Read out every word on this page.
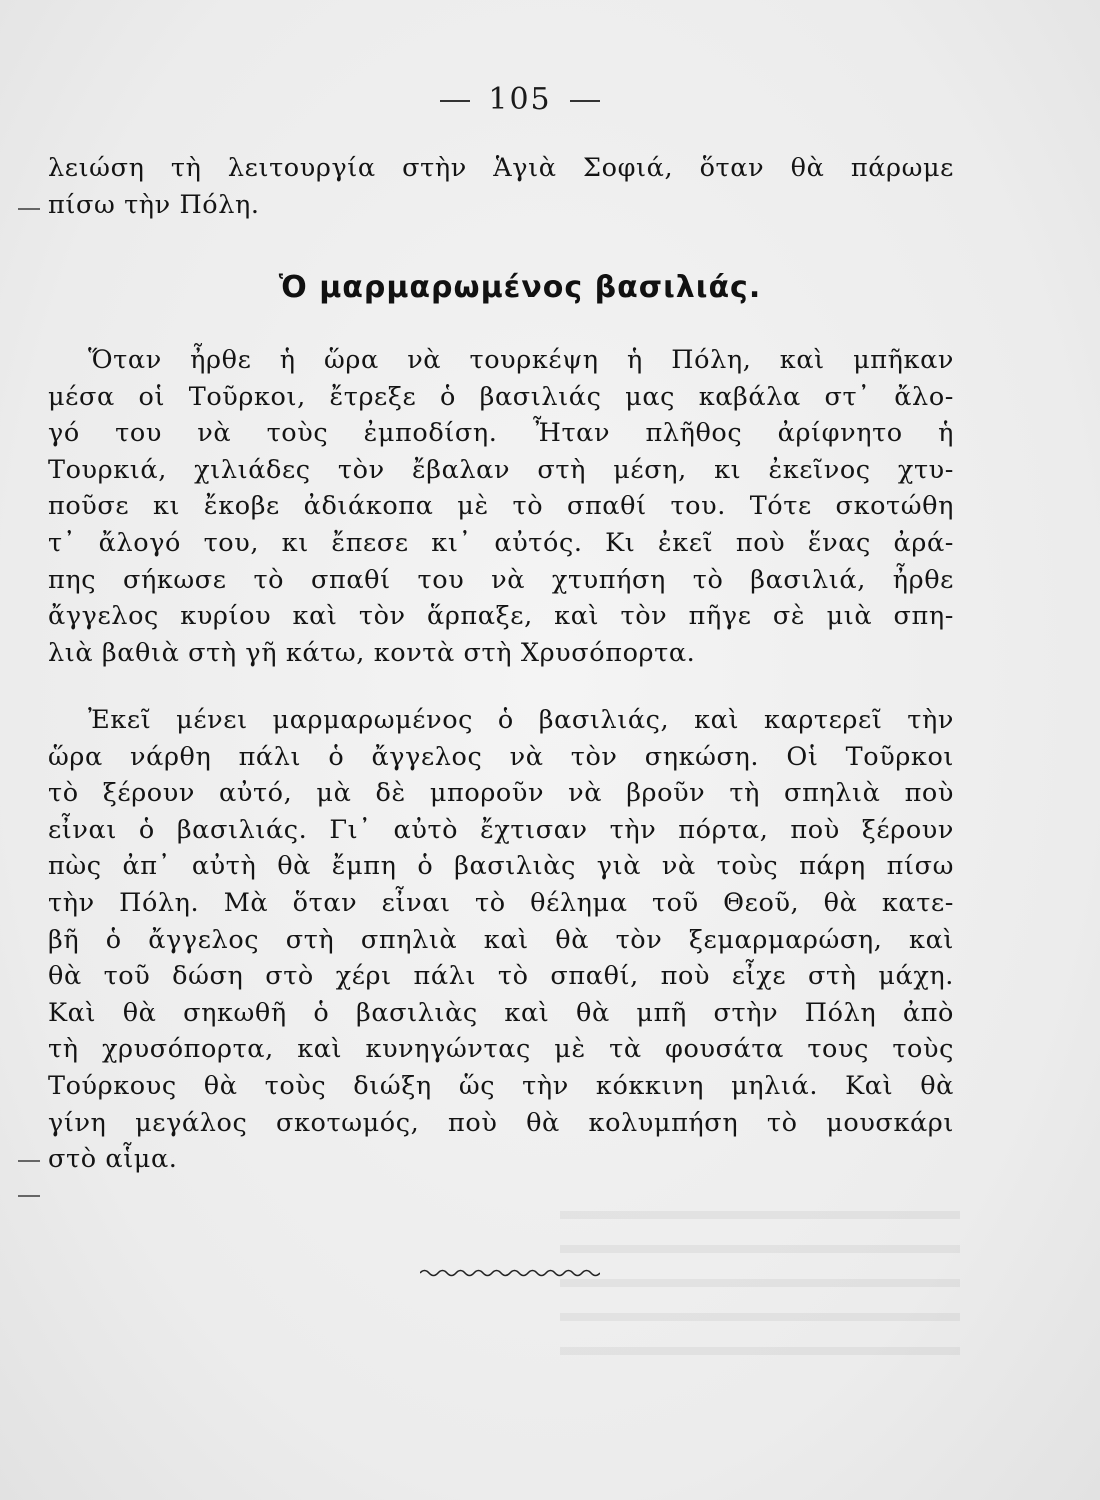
105
λειώση τὴ λειτουργία στὴν Ἁγιὰ Σοφιά, ὅταν θὰ πάρωμε
πίσω τὴν Πόλη.
Ὁ μαρμαρωμένος βασιλιάς.
Ὅταν ἦρθε ἡ ὥρα νὰ τουρκέψη ἡ Πόλη, καὶ μπῆκαν
μέσα οἱ Τοῦρκοι, ἔτρεξε ὁ βασιλιάς μας καβάλα στ᾽ ἄλο-
γό του νὰ τοὺς ἐμποδίση. Ἦταν πλῆθος ἀρίφνητο ἡ
Τουρκιά, χιλιάδες τὸν ἔβαλαν στὴ μέση, κι ἐκεῖνος χτυ-
ποῦσε κι ἔκοβε ἀδιάκοπα μὲ τὸ σπαθί του. Τότε σκοτώθη
τ᾽ ἄλογό του, κι ἔπεσε κι᾽ αὐτός. Κι ἐκεῖ ποὺ ἕνας ἀρά-
πης σήκωσε τὸ σπαθί του νὰ χτυπήση τὸ βασιλιά, ἦρθε
ἄγγελος κυρίου καὶ τὸν ἅρπαξε, καὶ τὸν πῆγε σὲ μιὰ σπη-
λιὰ βαθιὰ στὴ γῆ κάτω, κοντὰ στὴ Χρυσόπορτα.
Ἐκεῖ μένει μαρμαρωμένος ὁ βασιλιάς, καὶ καρτερεῖ τὴν
ὥρα νάρθη πάλι ὁ ἄγγελος νὰ τὸν σηκώση. Οἱ Τοῦρκοι
τὸ ξέρουν αὐτό, μὰ δὲ μποροῦν νὰ βροῦν τὴ σπηλιὰ ποὺ
εἶναι ὁ βασιλιάς. Γι᾽ αὐτὸ ἔχτισαν τὴν πόρτα, ποὺ ξέρουν
πὼς ἀπ᾽ αὐτὴ θὰ ἔμπη ὁ βασιλιὰς γιὰ νὰ τοὺς πάρη πίσω
τὴν Πόλη. Μὰ ὅταν εἶναι τὸ θέλημα τοῦ Θεοῦ, θὰ κατε-
βῆ ὁ ἄγγελος στὴ σπηλιὰ καὶ θὰ τὸν ξεμαρμαρώση, καὶ
θὰ τοῦ δώση στὸ χέρι πάλι τὸ σπαθί, ποὺ εἶχε στὴ μάχη.
Καὶ θὰ σηκωθῆ ὁ βασιλιὰς καὶ θὰ μπῆ στὴν Πόλη ἀπὸ
τὴ χρυσόπορτα, καὶ κυνηγώντας μὲ τὰ φουσάτα τους τοὺς
Τούρκους θὰ τοὺς διώξη ὥς τὴν κόκκινη μηλιά. Καὶ θὰ
γίνη μεγάλος σκοτωμός, ποὺ θὰ κολυμπήση τὸ μουσκάρι
στὸ αἷμα.
